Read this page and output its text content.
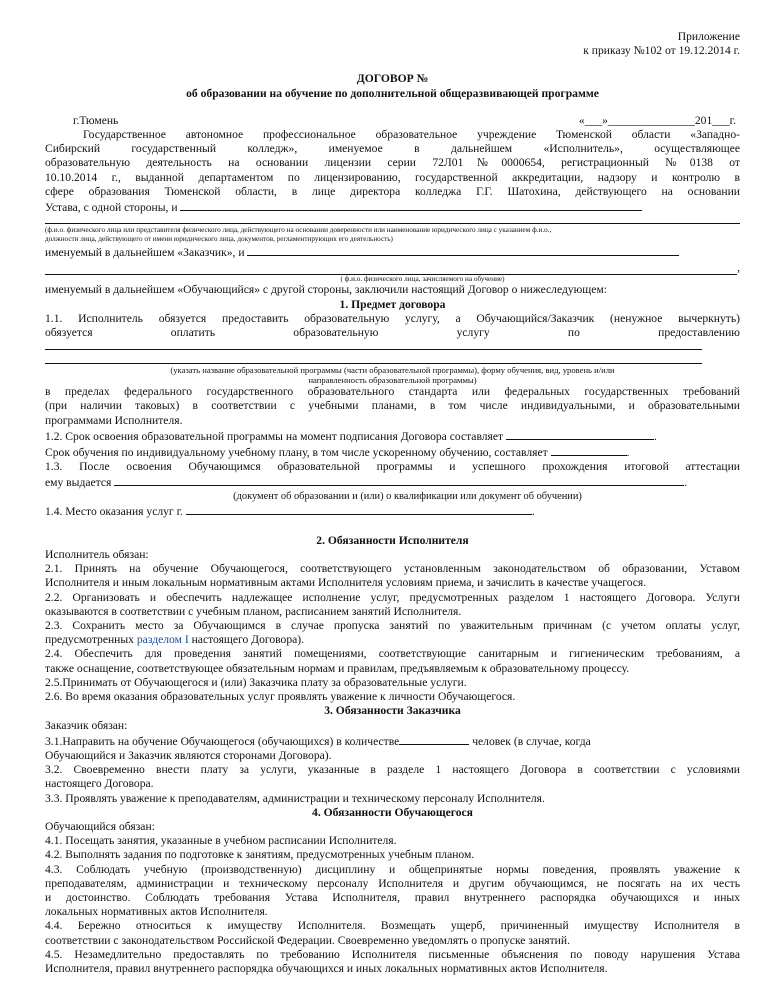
Приложение

к приказу №102 от 19.12.2014 г.

ДОГОВОР №

об образовании на обучение по дополнительной общеразвивающей программе

г.Тюмень	«___»_______________201___г.

Государственное автономное профессиональное образовательное учреждение Тюменской области «Западно-

Сибирский государственный колледж», именуемое в дальнейшем «Исполнитель», осуществляющее

образовательную деятельность на основании лицензии серии 72Л01№0000654, регистрационный №0138 от

10.10.2014 г., выданной департаментом по лицензированию, государственной аккредитации, надзору и контролю в

сфере образования Тюменской области, в лице директора колледжа Г.Г. Шатохина, действующего на основании

Устава, с одной стороны, и

(ф.и.о. физического лица или представителя физического лица, действующего на основании доверенности или наименование юридического лица с указанием ф.и.о.,

должности лица, действующего от имени юридического лица, документов, регламентирующих его деятельность)

именуемый в дальнейшем «Заказчик», и

,

( ф.и.о. физического лица, зачисляемого на обучение)

именуемый в дальнейшем «Обучающийся» с другой стороны, заключили настоящий Договор о нижеследующем:

1. Предмет договора

1.1. Исполнитель обязуется предоставить образовательную услугу, а Обучающийся/Заказчик (ненужное вычеркнуть)

обязуется	оплатить	образовательную	услугу	по	предоставлению

(указать название образовательной программы (части образовательной программы), форму обучения, вид, уровень и/или

направленность образовательной программы)

в пределах федерального государственного образовательного стандарта или федеральных государственных требований

(при наличии таковых) в соответствии с учебными планами, в том числе индивидуальными, и образовательными

программами Исполнителя.

1.2. Срок освоения образовательной программы на момент подписания Договора составляет	.

Срок обучения по индивидуальному учебному плану, в том числе ускоренному обучению, составляет	.

1.3. После освоения Обучающимся образовательной программы и успешного прохождения итоговой аттестации

ему выдается	.

(документ об образовании и (или) о квалификации или документ об обучении)

1.4. Место оказания услуг г.	.

2. Обязанности Исполнителя

Исполнитель обязан:

2.1. Принять на обучение Обучающегося, соответствующего установленным законодательством об образовании, Уставом

Исполнителя и иным локальным нормативным актами Исполнителя условиям приема, и зачислить в качестве учащегося.

2.2. Организовать и обеспечить надлежащее исполнение услуг, предусмотренных разделом 1 настоящего Договора. Услуги

оказываются в соответствии с учебным планом, расписанием занятий Исполнителя.

2.3. Сохранить место за Обучающимся в случае пропуска занятий по уважительным причинам (с учетом оплаты услуг,

предусмотренных разделом I настоящего Договора).

2.4. Обеспечить для проведения занятий помещениями, соответствующие санитарным и гигиеническим требованиям, а

также оснащение, соответствующее обязательным нормам и правилам, предъявляемым к образовательному процессу.

2.5.Принимать от Обучающегося и (или) Заказчика плату за образовательные услуги.

2.6. Во время оказания образовательных услуг проявлять уважение к личности Обучающегося.

3. Обязанности Заказчика

Заказчик обязан:

3.1.Направить на обучение Обучающегося (обучающихся) в количестве	человек (в случае, когда

Обучающийся и Заказчик являются сторонами Договора).

3.2. Своевременно внести плату за услуги, указанные в разделе 1 настоящего Договора в соответствии с условиями

настоящего Договора.

3.3. Проявлять уважение к преподавателям, администрации и техническому персоналу Исполнителя.

4. Обязанности Обучающегося

Обучающийся обязан:

4.1. Посещать занятия, указанные в учебном расписании Исполнителя.

4.2. Выполнять задания по подготовке к занятиям, предусмотренных учебным планом.

4.3. Соблюдать учебную (производственную) дисциплину и общепринятые нормы поведения, проявлять уважение к

преподавателям, администрации и техническому персоналу Исполнителя и другим обучающимся, не посягать на их честь

и достоинство. Соблюдать требования Устава Исполнителя, правил внутреннего распорядка обучающихся и иных

локальных нормативных актов Исполнителя.

4.4. Бережно относиться к имуществу Исполнителя. Возмещать ущерб, причиненный имуществу Исполнителя в

соответствии с законодательством Российской Федерации. Своевременно уведомлять о пропуске занятий.

4.5. Незамедлительно предоставлять по требованию Исполнителя письменные объяснения по поводу нарушения Устава

Исполнителя, правил внутреннего распорядка обучающихся и иных локальных нормативных актов Исполнителя.
